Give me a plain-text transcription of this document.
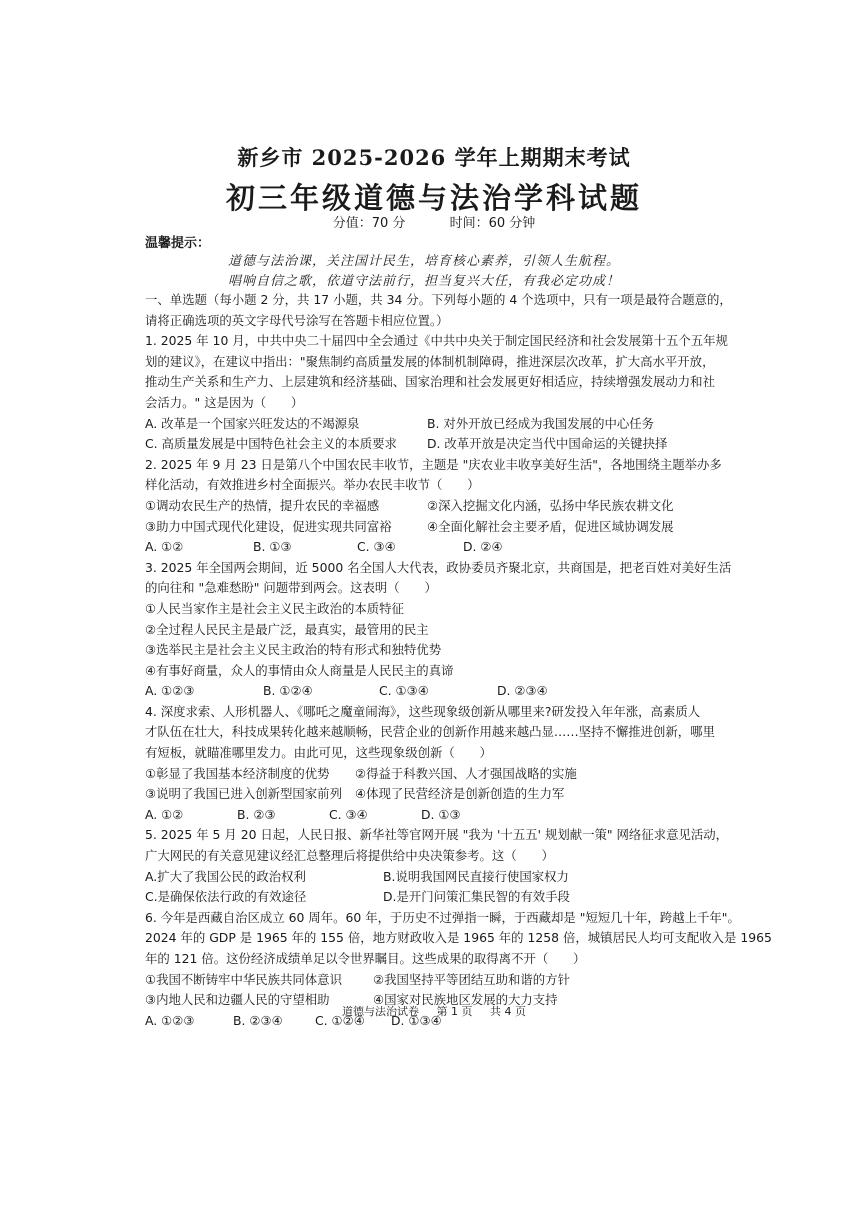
新乡市 2025-2026 学年上期期末考试
初三年级道德与法治学科试题
分值：70 分	时间：60 分钟
温馨提示：
道德与法治课，关注国计民生，培育核心素养，引领人生航程。
唱响自信之歌，依道守法前行，担当复兴大任，有我必定功成！
一、单选题（每小题 2 分，共 17 小题，共 34 分。下列每小题的 4 个选项中，只有一项是最符合题意的，
请将正确选项的英文字母代号涂写在答题卡相应位置。）
1. 2025 年 10 月，中共中央二十届四中全会通过《中共中央关于制定国民经济和社会发展第十五个五年规
划的建议》，在建议中指出："聚焦制约高质量发展的体制机制障碍，推进深层次改革，扩大高水平开放，
推动生产关系和生产力、上层建筑和经济基础、国家治理和社会发展更好相适应，持续增强发展动力和社
会活力。" 这是因为（　　）
A. 改革是一个国家兴旺发达的不竭源泉	B. 对外开放已经成为我国发展的中心任务
C. 高质量发展是中国特色社会主义的本质要求	D. 改革开放是决定当代中国命运的关键抉择
2. 2025 年 9 月 23 日是第八个中国农民丰收节，主题是 "庆农业丰收享美好生活"，各地围绕主题举办多
样化活动，有效推进乡村全面振兴。举办农民丰收节（　　）
①调动农民生产的热情，提升农民的幸福感	②深入挖掘文化内涵，弘扬中华民族农耕文化
③助力中国式现代化建设，促进实现共同富裕	④全面化解社会主要矛盾，促进区域协调发展
A. ①②	B. ①③	C. ③④	D. ②④
3. 2025 年全国两会期间，近 5000 名全国人大代表，政协委员齐聚北京，共商国是，把老百姓对美好生活
的向往和 "急难愁盼" 问题带到两会。这表明（　　）
①人民当家作主是社会主义民主政治的本质特征
②全过程人民民主是最广泛，最真实，最管用的民主
③选举民主是社会主义民主政治的特有形式和独特优势
④有事好商量，众人的事情由众人商量是人民民主的真谛
A. ①②③	B. ①②④	C. ①③④	D. ②③④
4. 深度求索、人形机器人、《哪吒之魔童闹海》，这些现象级创新从哪里来?研发投入年年涨，高素质人
才队伍在壮大，科技成果转化越来越顺畅，民营企业的创新作用越来越凸显……坚持不懈推进创新，哪里
有短板，就瞄准哪里发力。由此可见，这些现象级创新（　　）
①彰显了我国基本经济制度的优势	②得益于科教兴国、人才强国战略的实施
③说明了我国已进入创新型国家前列	④体现了民营经济是创新创造的生力军
A. ①②	B. ②③	C. ③④	D. ①③
5. 2025 年 5 月 20 日起，人民日报、新华社等官网开展 "我为 '十五五' 规划献一策" 网络征求意见活动，
广大网民的有关意见建议经汇总整理后将提供给中央决策参考。这（　　）
A.扩大了我国公民的政治权利	B.说明我国网民直接行使国家权力
C.是确保依法行政的有效途径	D.是开门问策汇集民智的有效手段
6. 今年是西藏自治区成立 60 周年。60 年，于历史不过弹指一瞬，于西藏却是 "短短几十年，跨越上千年"。
2024 年的 GDP 是 1965 年的 155 倍，地方财政收入是 1965 年的 1258 倍，城镇居民人均可支配收入是 1965
年的 121 倍。这份经济成绩单足以令世界瞩目。这些成果的取得离不开（　　）
①我国不断铸牢中华民族共同体意识	②我国坚持平等团结互助和谐的方针
③内地人民和边疆人民的守望相助	④国家对民族地区发展的大力支持
A. ①②③	B. ②③④	C. ①②④	D. ①③④
道德与法治试卷 第 1 页 共 4 页
